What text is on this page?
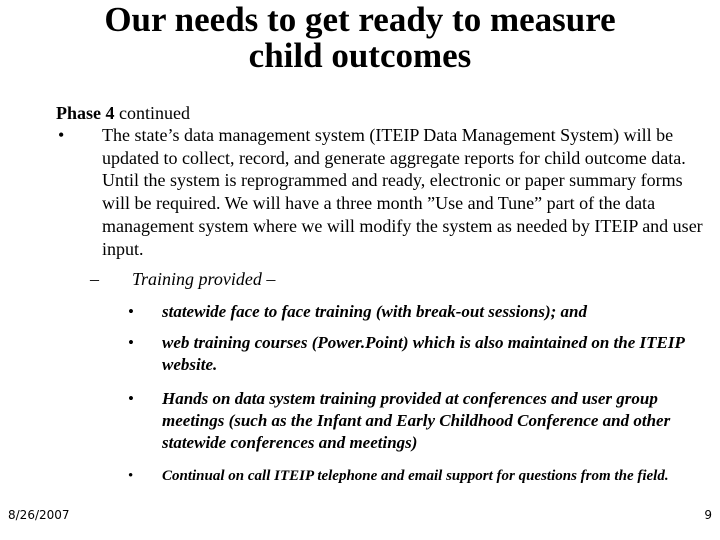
Our needs to get ready to measure
child outcomes
Phase 4 continued
• The state’s data management system (ITEIP Data Management System) will be updated to collect, record, and generate aggregate reports for child outcome data. Until the system is reprogrammed and ready, electronic or paper summary forms will be required. We will have a three month ”Use and Tune” part of the data management system where we will modify the system as needed by ITEIP and user input.
– Training provided –
• statewide face to face training (with break-out sessions); and
• web training courses (Power.Point) which is also maintained on the ITEIP website.
• Hands on data system training provided at conferences and user group meetings (such as the Infant and Early Childhood Conference and other statewide conferences and meetings)
• Continual on call ITEIP telephone and email support for questions from the field.
8/26/2007	9
